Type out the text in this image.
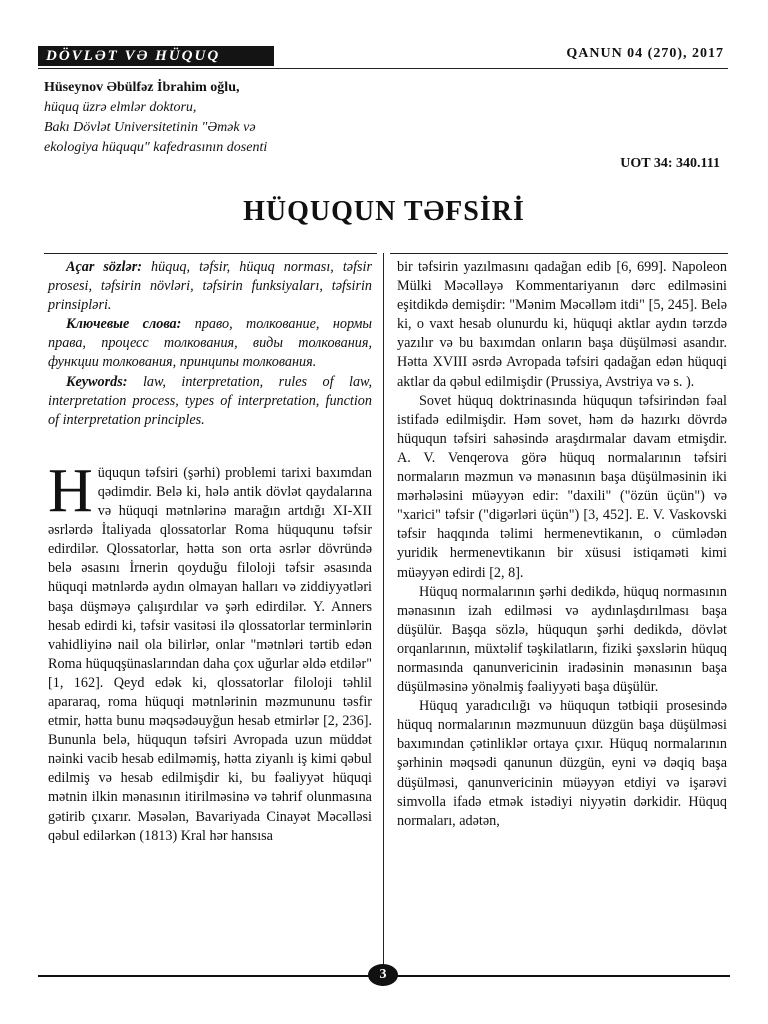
DÖVLƏT VƏ HÜQUQ	QANUN 04 (270), 2017
Hüseynov Əbülfəz İbrahim oğlu,
hüquq üzrə elmlər doktoru,
Bakı Dövlət Universitetinin "Əmək və
ekologiya hüququ" kafedrasının dosenti
UOT 34: 340.111
HÜQUQUN TƏFSİRİ

Açar sözlər: hüquq, təfsir, hüquq norması, təfsir prosesi, təfsirin növləri, təfsirin funksiyaları, təfsirin prinsipləri.

Ключевые слова: право, толкование, нормы права, процесс толкования, виды толкования, функции толкования, принципы толкования.

Keywords: law, interpretation, rules of law, interpretation process, types of interpretation, function of interpretation principles.

Hüququn təfsiri (şərhi) problemi tarixi baxımdan qədimdir. Belə ki, hələ antik dövlət qaydalarına və hüquqi mətnlərinə marağın artdığı XI-XII əsrlərdə İtaliyada qlossatorlar Roma hüququnu təfsir edirdilər. Qlossatorlar, hətta son orta əsrlər dövründə belə əsasını İrnerin qoyduğu filoloji təfsir əsasında hüquqi mətnlərdə aydın olmayan halları və ziddiyyətləri başa düşməyə çalışırdılar və şərh edirdilər. Y. Anners hesab edirdi ki, təfsir vasitəsi ilə qlossatorlar terminlərin vahidliyinə nail ola bilirlər, onlar "mətnləri tərtib edən Roma hüquqşünaslarından daha çox uğurlar əldə etdilər" [1, 162]. Qeyd edək ki, qlossatorlar filoloji təhlil apararaq, roma hüquqi mətnlərinin məzmununu təsfir etmir, hətta bunu məqsədəuyğun hesab etmirlər [2, 236]. Bununla belə, hüququn təfsiri Avropada uzun müddət nəinki vacib hesab edilməmiş, hətta ziyanlı iş kimi qəbul edilmiş və hesab edilmişdir ki, bu fəaliyyət hüquqi mətnin ilkin mənasının itirilməsinə və təhrif olunmasına gətirib çıxarır. Məsələn, Bavariyada Cinayət Məcəlləsi qəbul edilərkən (1813) Kral hər hansısa

bir təfsirin yazılmasını qadağan edib [6, 699]. Napoleon Mülki Məcəlləyə Kommentariyanın dərc edilməsini eşitdikdə demişdir: "Mənim Məcəlləm itdi" [5, 245]. Belə ki, o vaxt hesab olunurdu ki, hüquqi aktlar aydın tərzdə yazılır və bu baxımdan onların başa düşülməsi asandır. Hətta XVIII əsrdə Avropada təfsiri qadağan edən hüquqi aktlar da qəbul edilmişdir (Prussiya, Avstriya və s. ).

Sovet hüquq doktrinasında hüququn təfsirindən fəal istifadə edilmişdir. Həm sovet, həm də hazırkı dövrdə hüququn təfsiri sahəsində araşdırmalar davam etmişdir. A. V. Venqerova görə hüquq normalarının təfsiri normaların məzmun və mənasının başa düşülməsinin iki mərhələsini müəyyən edir: "daxili" ("özün üçün") və "xarici" təfsir ("digərləri üçün") [3, 452]. E. V. Vaskovski təfsir haqqında təlimi hermenevtikanın, o cümlədən yuridik hermenevtikanın bir xüsusi istiqaməti kimi müəyyən edirdi [2, 8].

Hüquq normalarının şərhi dedikdə, hüquq normasının mənasının izah edilməsi və aydınlaşdırılması başa düşülür. Başqa sözlə, hüququn şərhi dedikdə, dövlət orqanlarının, müxtəlif təşkilatların, fiziki şəxslərin hüquq normasında qanunvericinin iradəsinin mənasının başa düşülməsinə yönəlmiş fəaliyyəti başa düşülür.

Hüquq yaradıcılığı və hüququn tətbiqii prosesində hüquq normalarının məzmunuun düzgün başa düşülməsi baxımından çətinliklər ortaya çıxır. Hüquq normalarının şərhinin məqsədi qanunun düzgün, eyni və dəqiq başa düşülməsi, qanunvericinin müəyyən etdiyi və işarəvi simvolla ifadə etmək istədiyi niyyətin dərkidir. Hüquq normaları, adətən,

3
